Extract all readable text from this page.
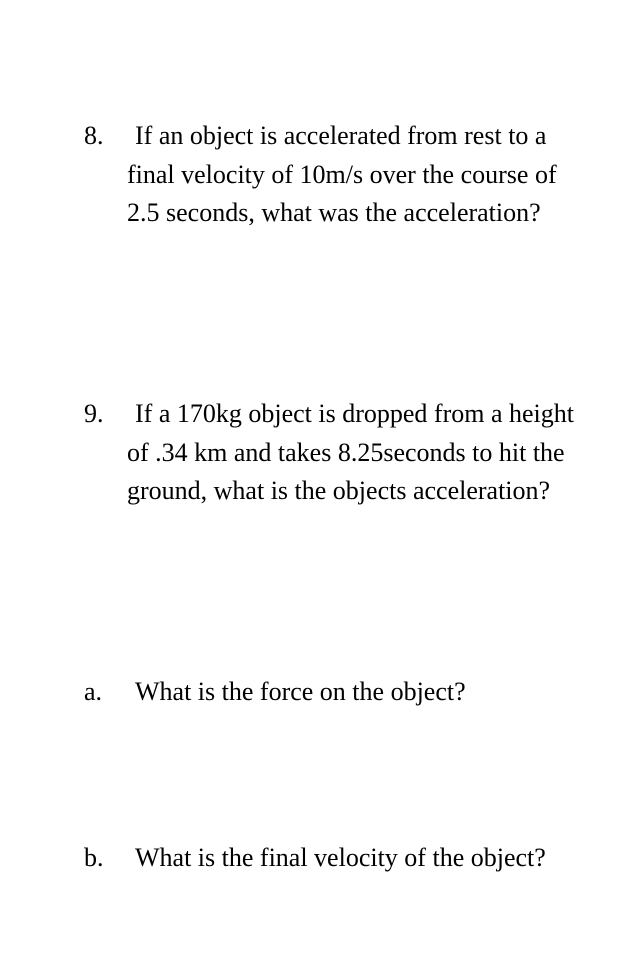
8.	If an object is accelerated from rest to a final velocity of 10m/s over the course of 2.5 seconds, what was the acceleration?
9.	If a 170kg object is dropped from a height of .34 km and takes 8.25seconds to hit the ground, what is the objects acceleration?
a.	What is the force on the object?
b.	What is the final velocity of the object?
